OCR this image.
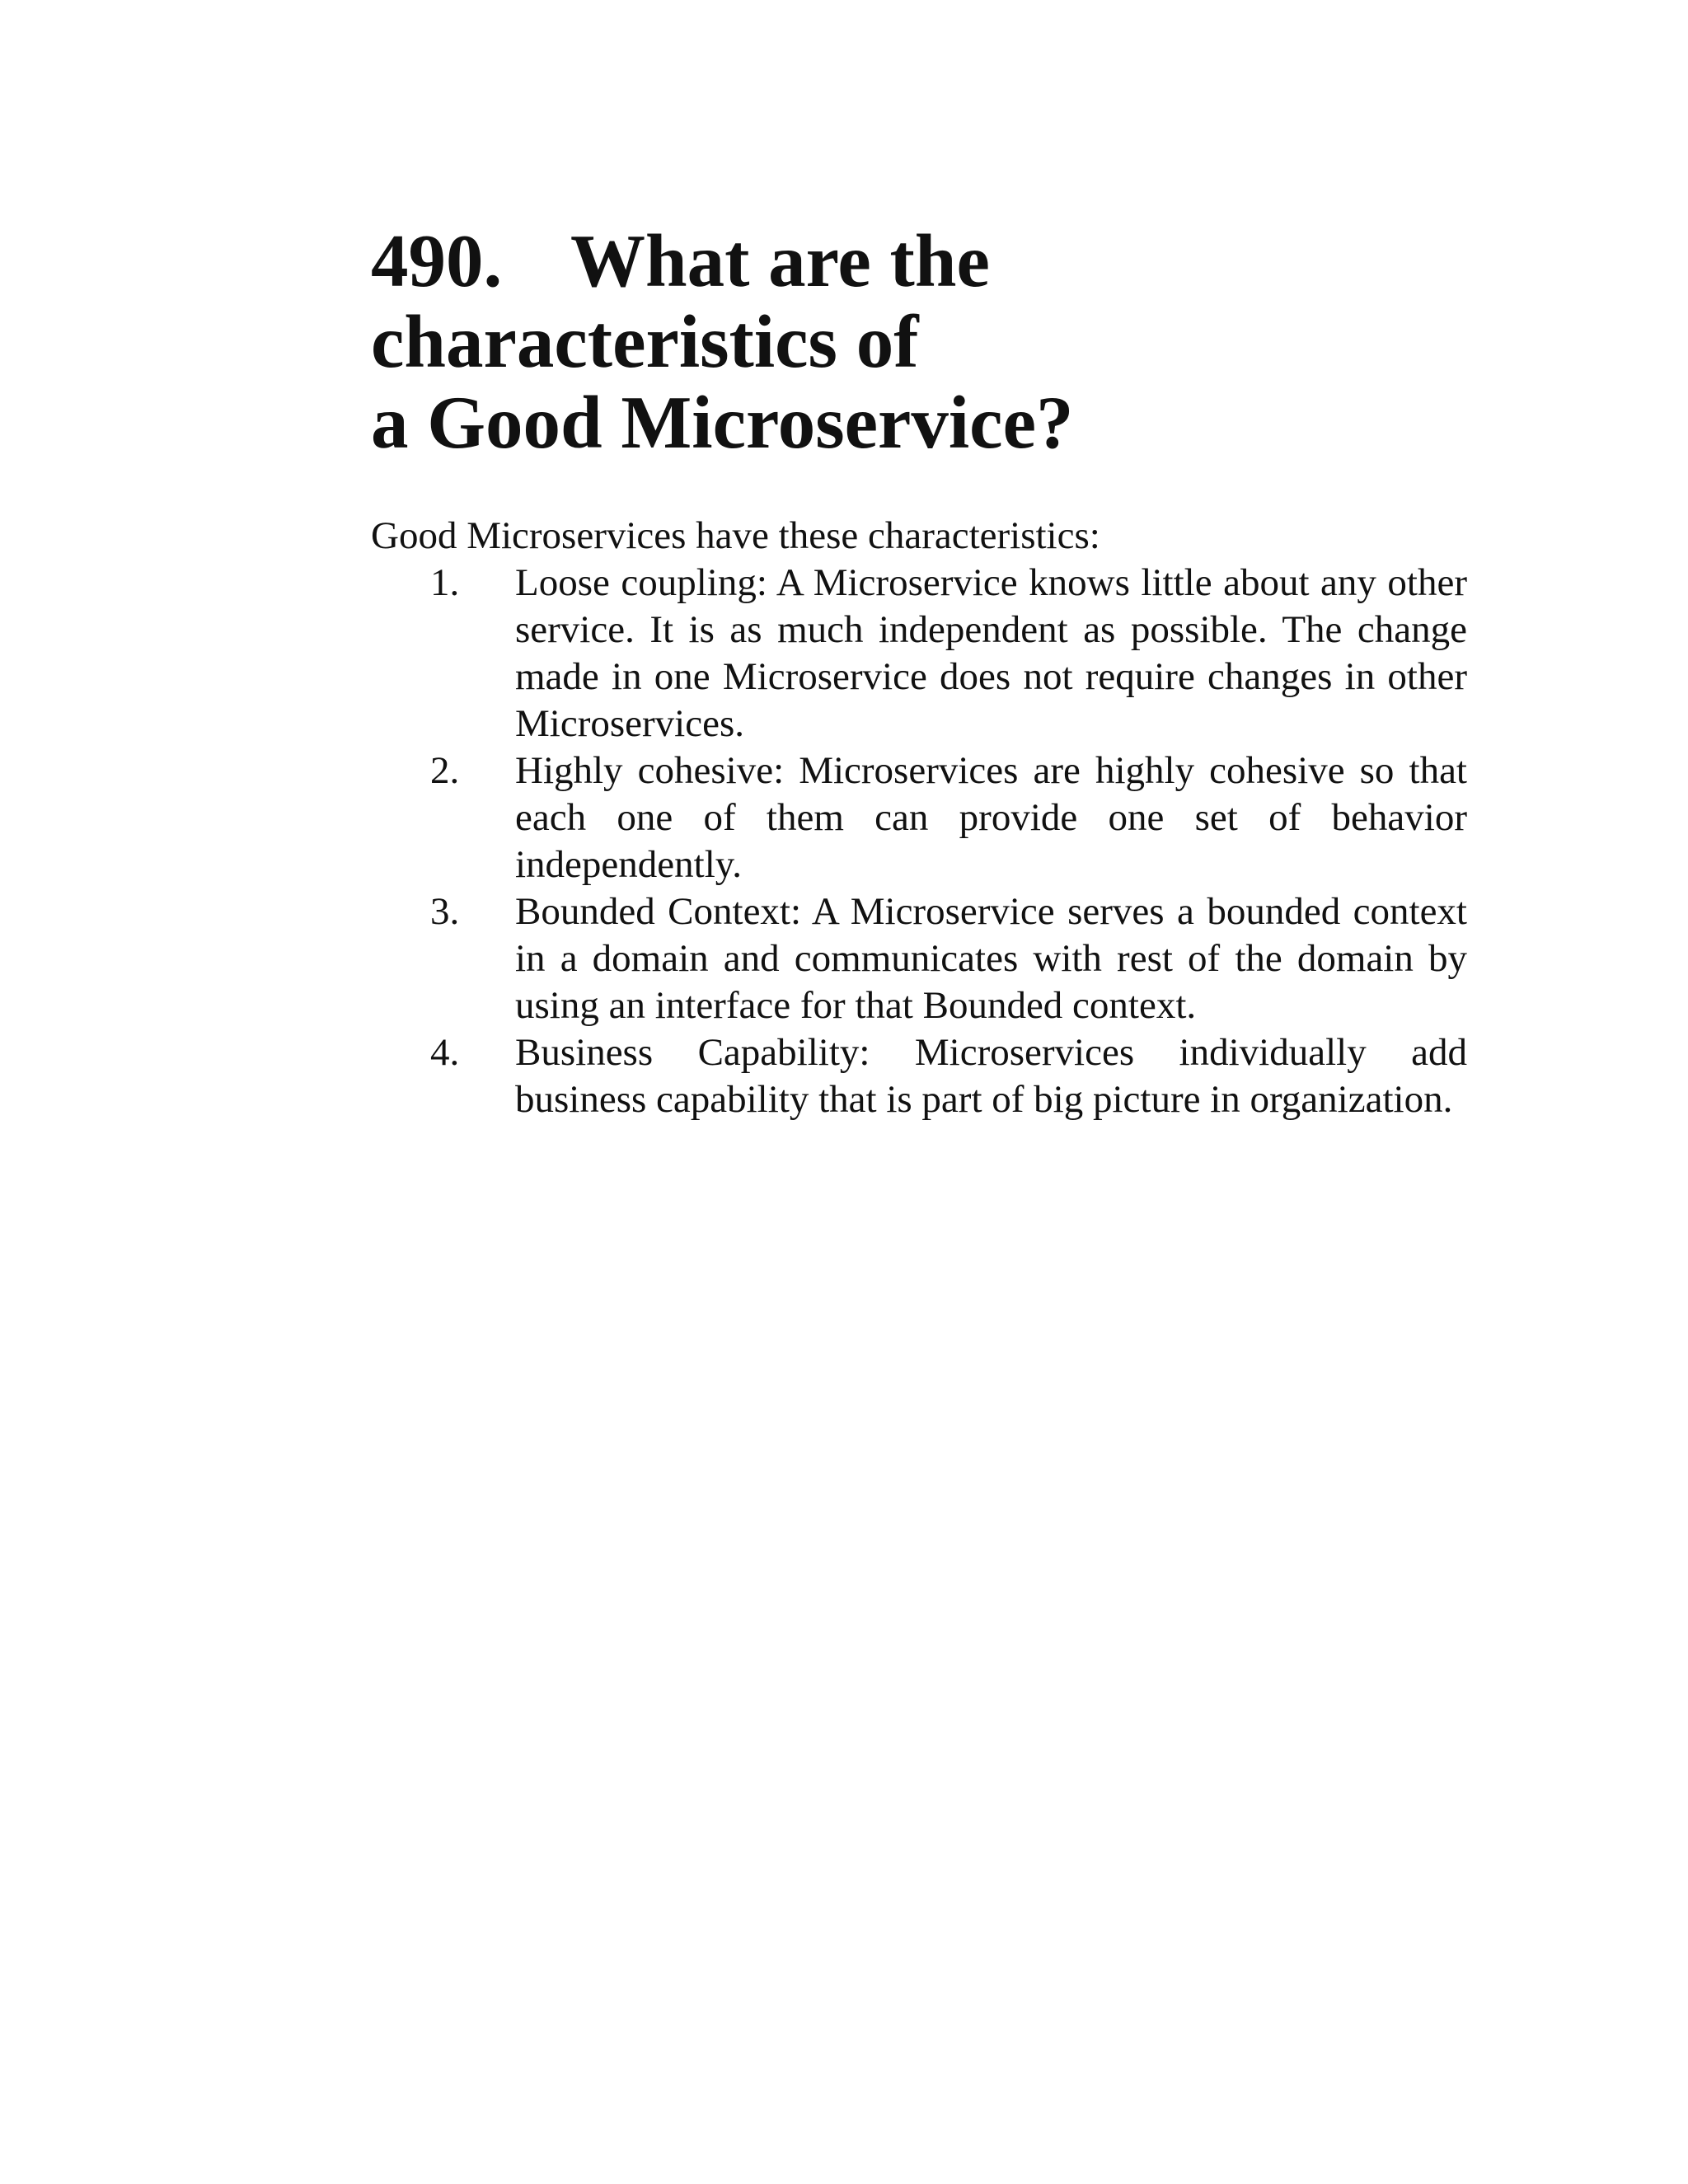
490. What are the characteristics of
a Good Microservice?

Good Microservices have these characteristics:

1. Loose coupling: A Microservice knows little about any other service. It is as much independent as possible. The change made in one Microservice does not require changes in other Microservices.
2. Highly cohesive: Microservices are highly cohesive so that each one of them can provide one set of behavior independently.
3. Bounded Context: A Microservice serves a bounded context in a domain and communicates with rest of the domain by using an interface for that Bounded context.
4. Business Capability: Microservices individually add business capability that is part of big picture in organization.
